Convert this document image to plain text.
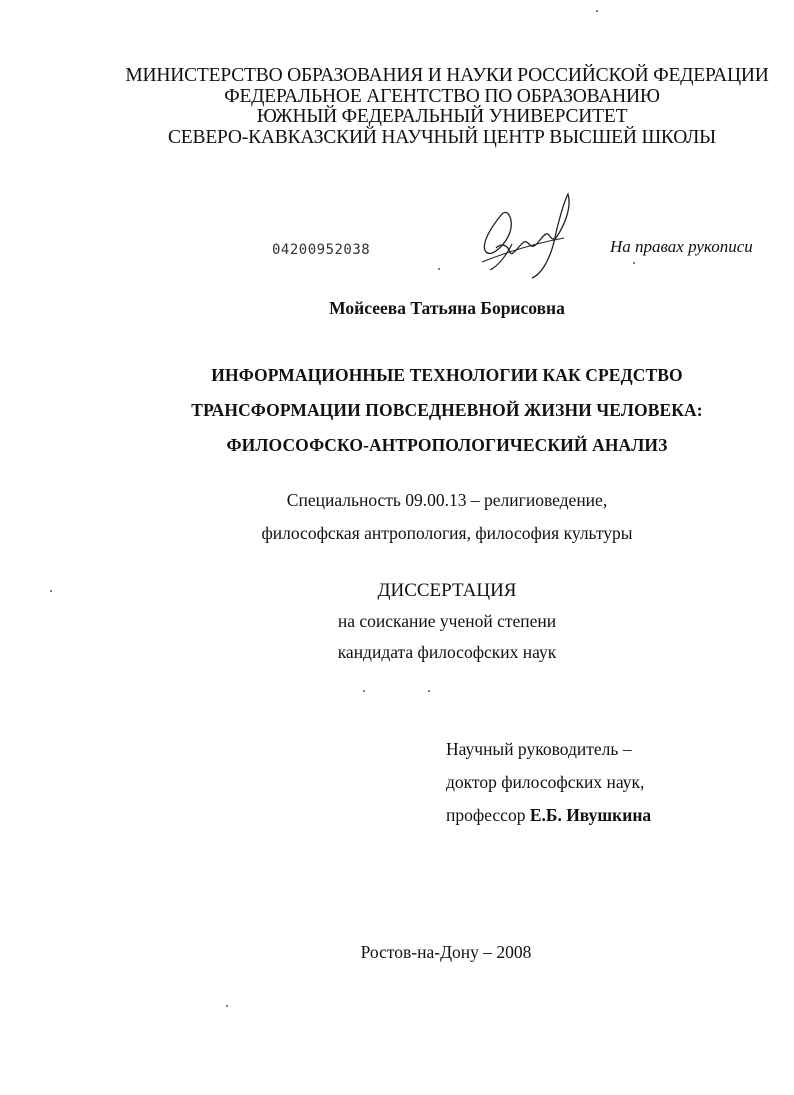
МИНИСТЕРСТВО ОБРАЗОВАНИЯ И НАУКИ РОССИЙСКОЙ ФЕДЕРАЦИИ
ФЕДЕРАЛЬНОЕ АГЕНТСТВО ПО ОБРАЗОВАНИЮ
ЮЖНЫЙ ФЕДЕРАЛЬНЫЙ УНИВЕРСИТЕТ
СЕВЕРО-КАВКАЗСКИЙ НАУЧНЫЙ ЦЕНТР ВЫСШЕЙ ШКОЛЫ
04200952038	На правах рукописи
Мойсеева Татьяна Борисовна
ИНФОРМАЦИОННЫЕ ТЕХНОЛОГИИ КАК СРЕДСТВО
ТРАНСФОРМАЦИИ ПОВСЕДНЕВНОЙ ЖИЗНИ ЧЕЛОВЕКА:
ФИЛОСОФСКО-АНТРОПОЛОГИЧЕСКИЙ АНАЛИЗ
Специальность 09.00.13 – религиоведение,
философская антропология, философия культуры
ДИССЕРТАЦИЯ
на соискание ученой степени
кандидата философских наук
Научный руководитель –
доктор философских наук,
профессор Е.Б. Ивушкина
Ростов-на-Дону – 2008
